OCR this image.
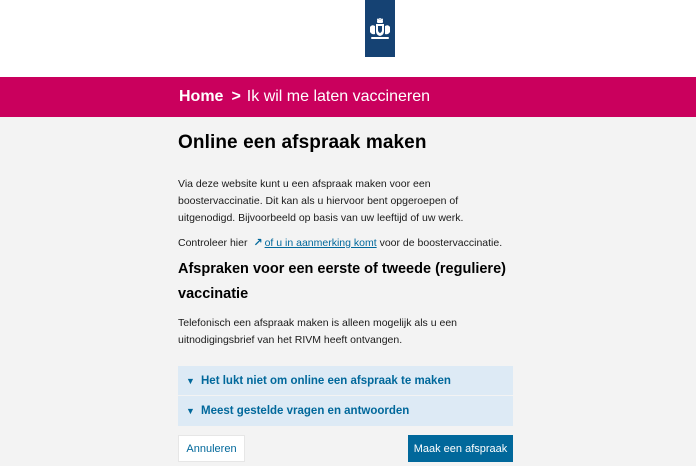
Home > Ik wil me laten vaccineren
Online een afspraak maken

Via deze website kunt u een afspraak maken voor een boostervaccinatie. Dit kan als u hiervoor bent opgeroepen of uitgenodigd. Bijvoorbeeld op basis van uw leeftijd of uw werk.

Controleer hier ↗ of u in aanmerking komt voor de boostervaccinatie.

Afspraken voor een eerste of tweede (reguliere) vaccinatie

Telefonisch een afspraak maken is alleen mogelijk als u een uitnodigingsbrief van het RIVM heeft ontvangen.

▼ Het lukt niet om online een afspraak te maken
▼ Meest gestelde vragen en antwoorden
Annuleren	Maak een afspraak
